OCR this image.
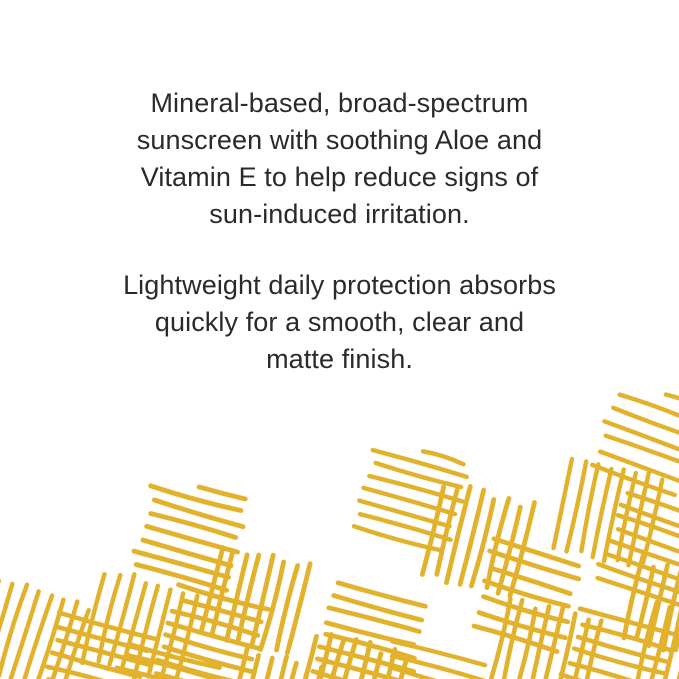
Mineral-based, broad-spectrum
sunscreen with soothing Aloe and
Vitamin E to help reduce signs of
sun-induced irritation.
Lightweight daily protection absorbs
quickly for a smooth, clear and
matte finish.
